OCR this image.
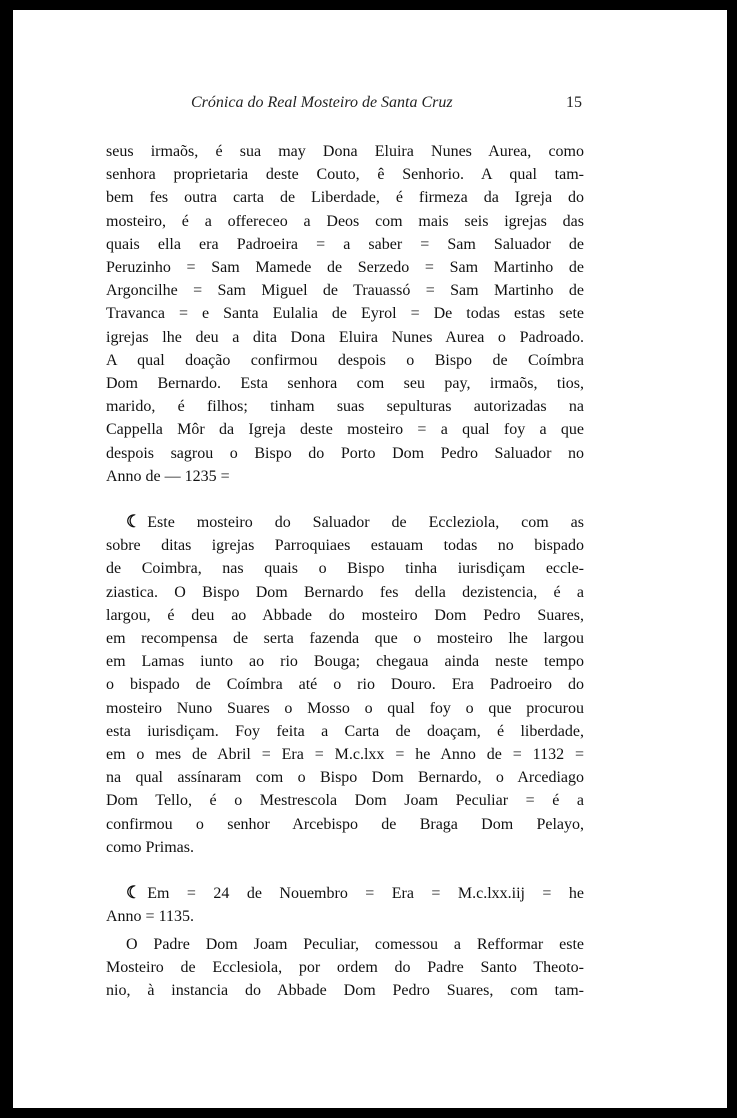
Crónica do Real Mosteiro de Santa Cruz	15
seus irmaõs, é sua may Dona Eluira Nunes Aurea, como
senhora proprietaria deste Couto, ê Senhorio. A qual tam-
bem fes outra carta de Liberdade, é firmeza da Igreja do
mosteiro, é a offereceo a Deos com mais seis igrejas das
quais ella era Padroeira = a saber = Sam Saluador de
Peruzinho = Sam Mamede de Serzedo = Sam Martinho de
Argoncilhe = Sam Miguel de Trauassó = Sam Martinho de
Travanca = e Santa Eulalia de Eyrol = De todas estas sete
igrejas lhe deu a dita Dona Eluira Nunes Aurea o Padroado.
A qual doação confirmou despois o Bispo de Coímbra
Dom Bernardo. Esta senhora com seu pay, irmaõs, tios,
marido, é filhos; tinham suas sepulturas autorizadas na
Cappella Môr da Igreja deste mosteiro = a qual foy a que
despois sagrou o Bispo do Porto Dom Pedro Saluador no
Anno de — 1235 =
☾ Este mosteiro do Saluador de Eccleziola, com as
sobre ditas igrejas Parroquiaes estauam todas no bispado
de Coimbra, nas quais o Bispo tinha iurisdiçam eccle-
ziastica. O Bispo Dom Bernardo fes della dezistencia, é a
largou, é deu ao Abbade do mosteiro Dom Pedro Suares,
em recompensa de serta fazenda que o mosteiro lhe largou
em Lamas iunto ao rio Bouga; chegaua ainda neste tempo
o bispado de Coímbra até o rio Douro. Era Padroeiro do
mosteiro Nuno Suares o Mosso o qual foy o que procurou
esta iurisdiçam. Foy feita a Carta de doaçam, é liberdade,
em o mes de Abril = Era = M.c.lxx = he Anno de = 1132 =
na qual assínaram com o Bispo Dom Bernardo, o Arcediago
Dom Tello, é o Mestrescola Dom Joam Peculiar = é a
confirmou o senhor Arcebispo de Braga Dom Pelayo,
como Primas.
☾ Em = 24 de Nouembro = Era = M.c.lxx.iij = he
Anno = 1135.
O Padre Dom Joam Peculiar, comessou a Refformar este
Mosteiro de Ecclesiola, por ordem do Padre Santo Theoto-
nio, à instancia do Abbade Dom Pedro Suares, com tam-
